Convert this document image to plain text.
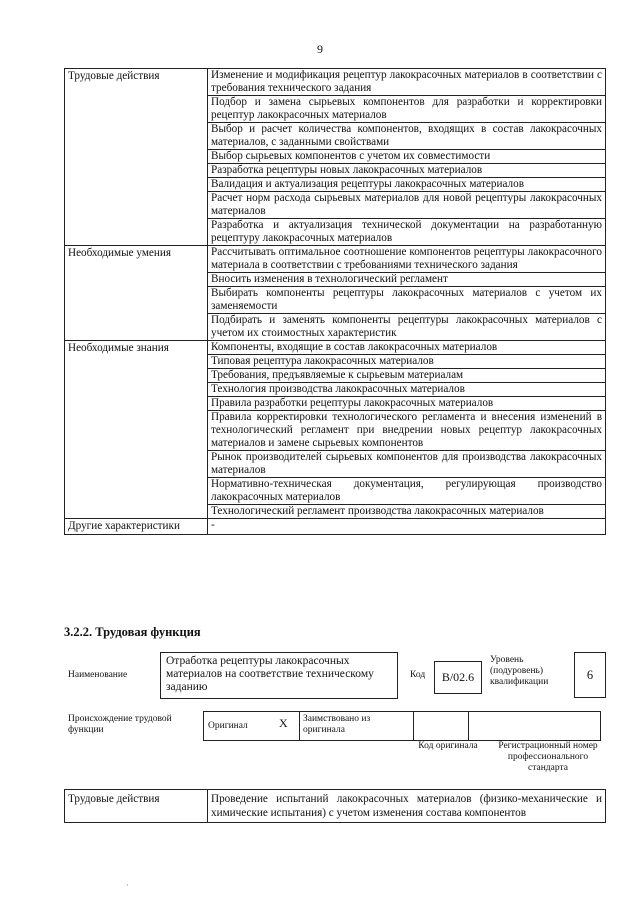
9
Трудовые действия	Изменение и модификация рецептур лакокрасочных материалов в соответствии с требования технического задания
	Подбор и замена сырьевых компонентов для разработки и корректировки рецептур лакокрасочных материалов
	Выбор и расчет количества компонентов, входящих в состав лакокрасочных материалов, с заданными свойствами
	Выбор сырьевых компонентов с учетом их совместимости
	Разработка рецептуры новых лакокрасочных материалов
	Валидация и актуализация рецептуры лакокрасочных материалов
	Расчет норм расхода сырьевых материалов для новой рецептуры лакокрасочных материалов
	Разработка и актуализация технической документации на разработанную рецептуру лакокрасочных материалов
Необходимые умения	Рассчитывать оптимальное соотношение компонентов рецептуры лакокрасочного материала в соответствии с требованиями технического задания
	Вносить изменения в технологический регламент
	Выбирать компоненты рецептуры лакокрасочных материалов с учетом их заменяемости
	Подбирать и заменять компоненты рецептуры лакокрасочных материалов с учетом их стоимостных характеристик
Необходимые знания	Компоненты, входящие в состав лакокрасочных материалов
	Типовая рецептура лакокрасочных материалов
	Требования, предъявляемые к сырьевым материалам
	Технология производства лакокрасочных материалов
	Правила разработки рецептуры лакокрасочных материалов
	Правила корректировки технологического регламента и внесения изменений в технологический регламент при внедрении новых рецептур лакокрасочных материалов и замене сырьевых компонентов
	Рынок производителей сырьевых компонентов для производства лакокрасочных материалов
	Нормативно-техническая документация, регулирующая производство лакокрасочных материалов
	Технологический регламент производства лакокрасочных материалов
Другие характеристики	-
3.2.2. Трудовая функция
Наименование
Отработка рецептуры лакокрасочных материалов на соответствие техническому заданию
Код	B/02.6
Уровень (подуровень) квалификации	6
Происхождение трудовой функции	Оригинал	X	Заимствовано из оригинала
Код оригинала	Регистрационный номер профессионального стандарта
Трудовые действия	Проведение испытаний лакокрасочных материалов (физико-механические и химические испытания) с учетом изменения состава компонентов
·
